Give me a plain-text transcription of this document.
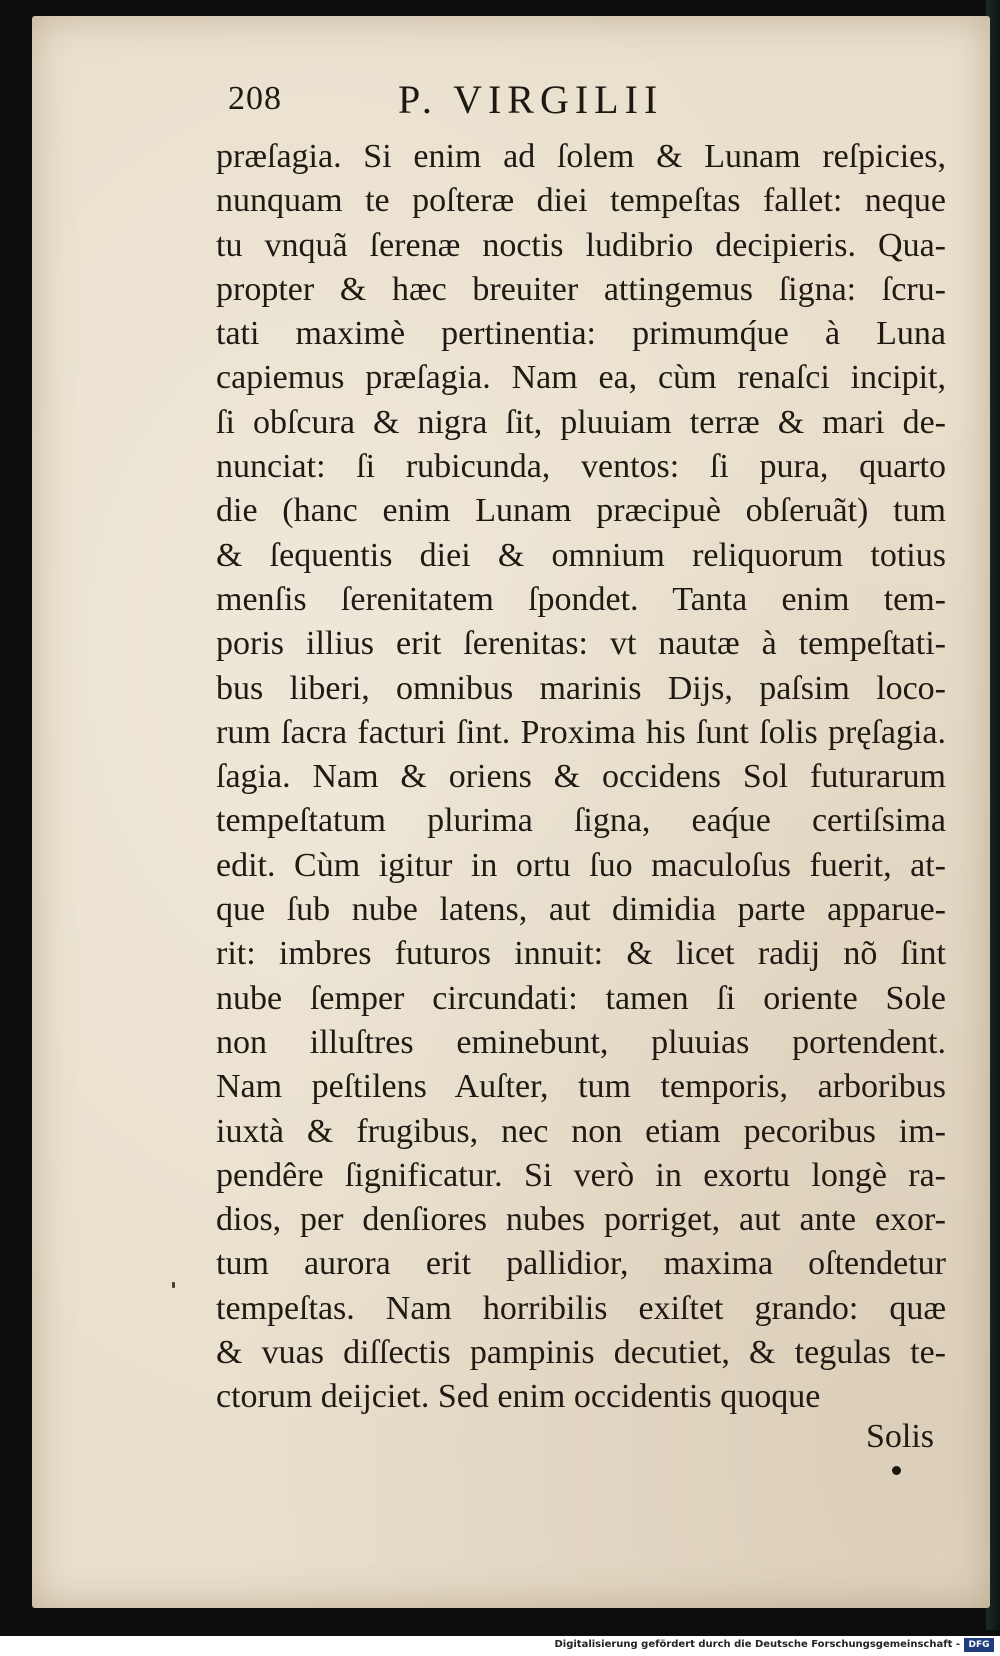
208	P. VIRGILII
præſagia. Si enim ad ſolem & Lunam reſpicies,
nunquam te poſteræ diei tempeſtas fallet: neque
tu vnquã ſerenæ noctis ludibrio decipieris. Qua-
propter & hæc breuiter attingemus ſigna: ſcru-
tati maximè pertinentia: primumq́ue à Luna
capiemus præſagia. Nam ea, cùm renaſci incipit,
ſi obſcura & nigra ſit, pluuiam terræ & mari de-
nunciat: ſi rubicunda, ventos: ſi pura, quarto
die (hanc enim Lunam præcipuè obſeruãt) tum
& ſequentis diei & omnium reliquorum totius
menſis ſerenitatem ſpondet. Tanta enim tem-
poris illius erit ſerenitas: vt nautæ à tempeſtati-
bus liberi, omnibus marinis Dijs, paſsim loco-
rum ſacra facturi ſint. Proxima his ſunt ſolis pręſagia.
ſagia. Nam & oriens & occidens Sol futurarum
tempeſtatum plurima ſigna, eaq́ue certiſsima
edit. Cùm igitur in ortu ſuo maculoſus fuerit, at-
que ſub nube latens, aut dimidia parte apparue-
rit: imbres futuros innuit: & licet radij nõ ſint
nube ſemper circundati: tamen ſi oriente Sole
non illuſtres eminebunt, pluuias portendent.
Nam peſtilens Auſter, tum temporis, arboribus
iuxtà & frugibus, nec non etiam pecoribus im-
pendêre ſignificatur. Si verò in exortu longè ra-
dios, per denſiores nubes porriget, aut ante exor-
tum aurora erit pallidior, maxima oſtendetur
tempeſtas. Nam horribilis exiſtet grando: quæ
& vuas diſſectis pampinis decutiet, & tegulas te-
ctorum deijciet. Sed enim occidentis quoque
Solis
Digitalisierung gefördert durch die Deutsche Forschungsgemeinschaft - DFG
